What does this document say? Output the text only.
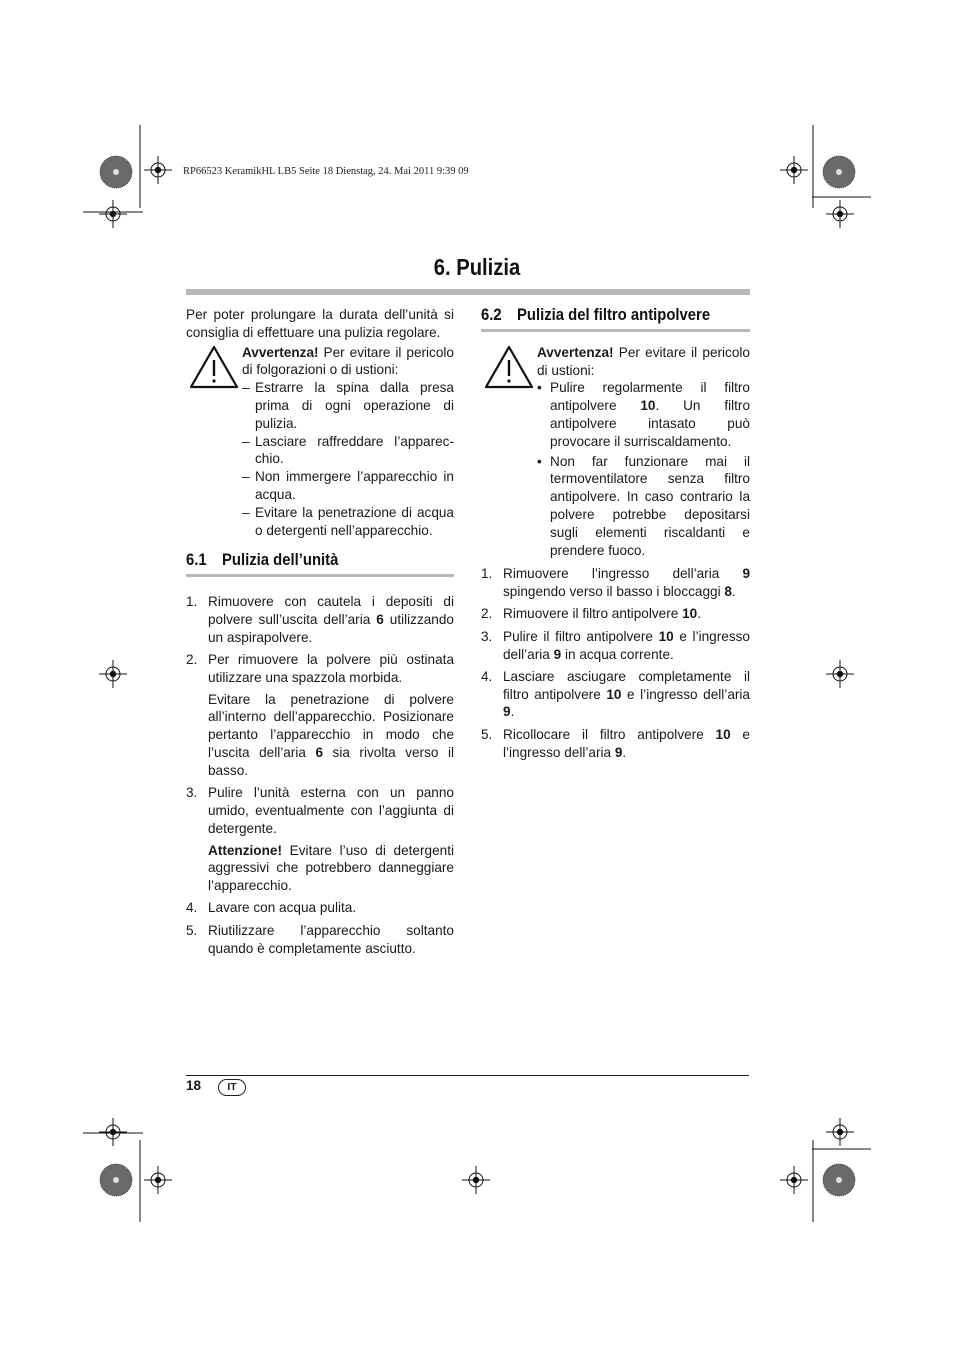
RP66523 KeramikHL LB5 Seite 18 Dienstag, 24. Mai 2011 9:39 09
6. Pulizia

Per poter prolungare la durata dell’unità si consiglia di effettuare una pulizia regolare.

Avvertenza! Per evitare il pericolo di folgorazioni o di ustioni:

– Estrarre la spina dalla presa prima di ogni operazione di pulizia.
– Lasciare raffreddare l’apparec-chio.
– Non immergere l’apparecchio in acqua.
– Evitare la penetrazione di acqua o detergenti nell’apparecchio.
6.1 Pulizia dell’unità
1. Rimuovere con cautela i depositi di polvere sull’uscita dell’aria 6 utilizzando un aspirapolvere.

2. Per rimuovere la polvere più ostinata utilizzare una spazzola morbida.

Evitare la penetrazione di polvere all’interno dell’apparecchio. Posizionare pertanto l’apparecchio in modo che l’uscita dell’aria 6 sia rivolta verso il basso.

3. Pulire l’unità esterna con un panno umido, eventualmente con l’aggiunta di detergente.

Attenzione! Evitare l’uso di detergenti aggressivi che potrebbero danneggiare l’apparecchio.

4. Lavare con acqua pulita.

5. Riutilizzare l’apparecchio soltanto quando è completamente asciutto.

6.2 Pulizia del filtro antipolvere

Avvertenza! Per evitare il pericolo di ustioni:

• Pulire regolarmente il filtro antipolvere 10. Un filtro antipolvere intasato può provocare il surriscaldamento.
• Non far funzionare mai il termoventilatore senza filtro antipolvere. In caso contrario la polvere potrebbe depositarsi sugli elementi riscaldanti e prendere fuoco.
1. Rimuovere l’ingresso dell’aria 9 spingendo verso il basso i bloccaggi 8.

2. Rimuovere il filtro antipolvere 10.

3. Pulire il filtro antipolvere 10 e l’ingresso dell’aria 9 in acqua corrente.

4. Lasciare asciugare completamente il filtro antipolvere 10 e l’ingresso dell’aria 9.

5. Ricollocare il filtro antipolvere 10 e l’ingresso dell’aria 9.

18	IT
